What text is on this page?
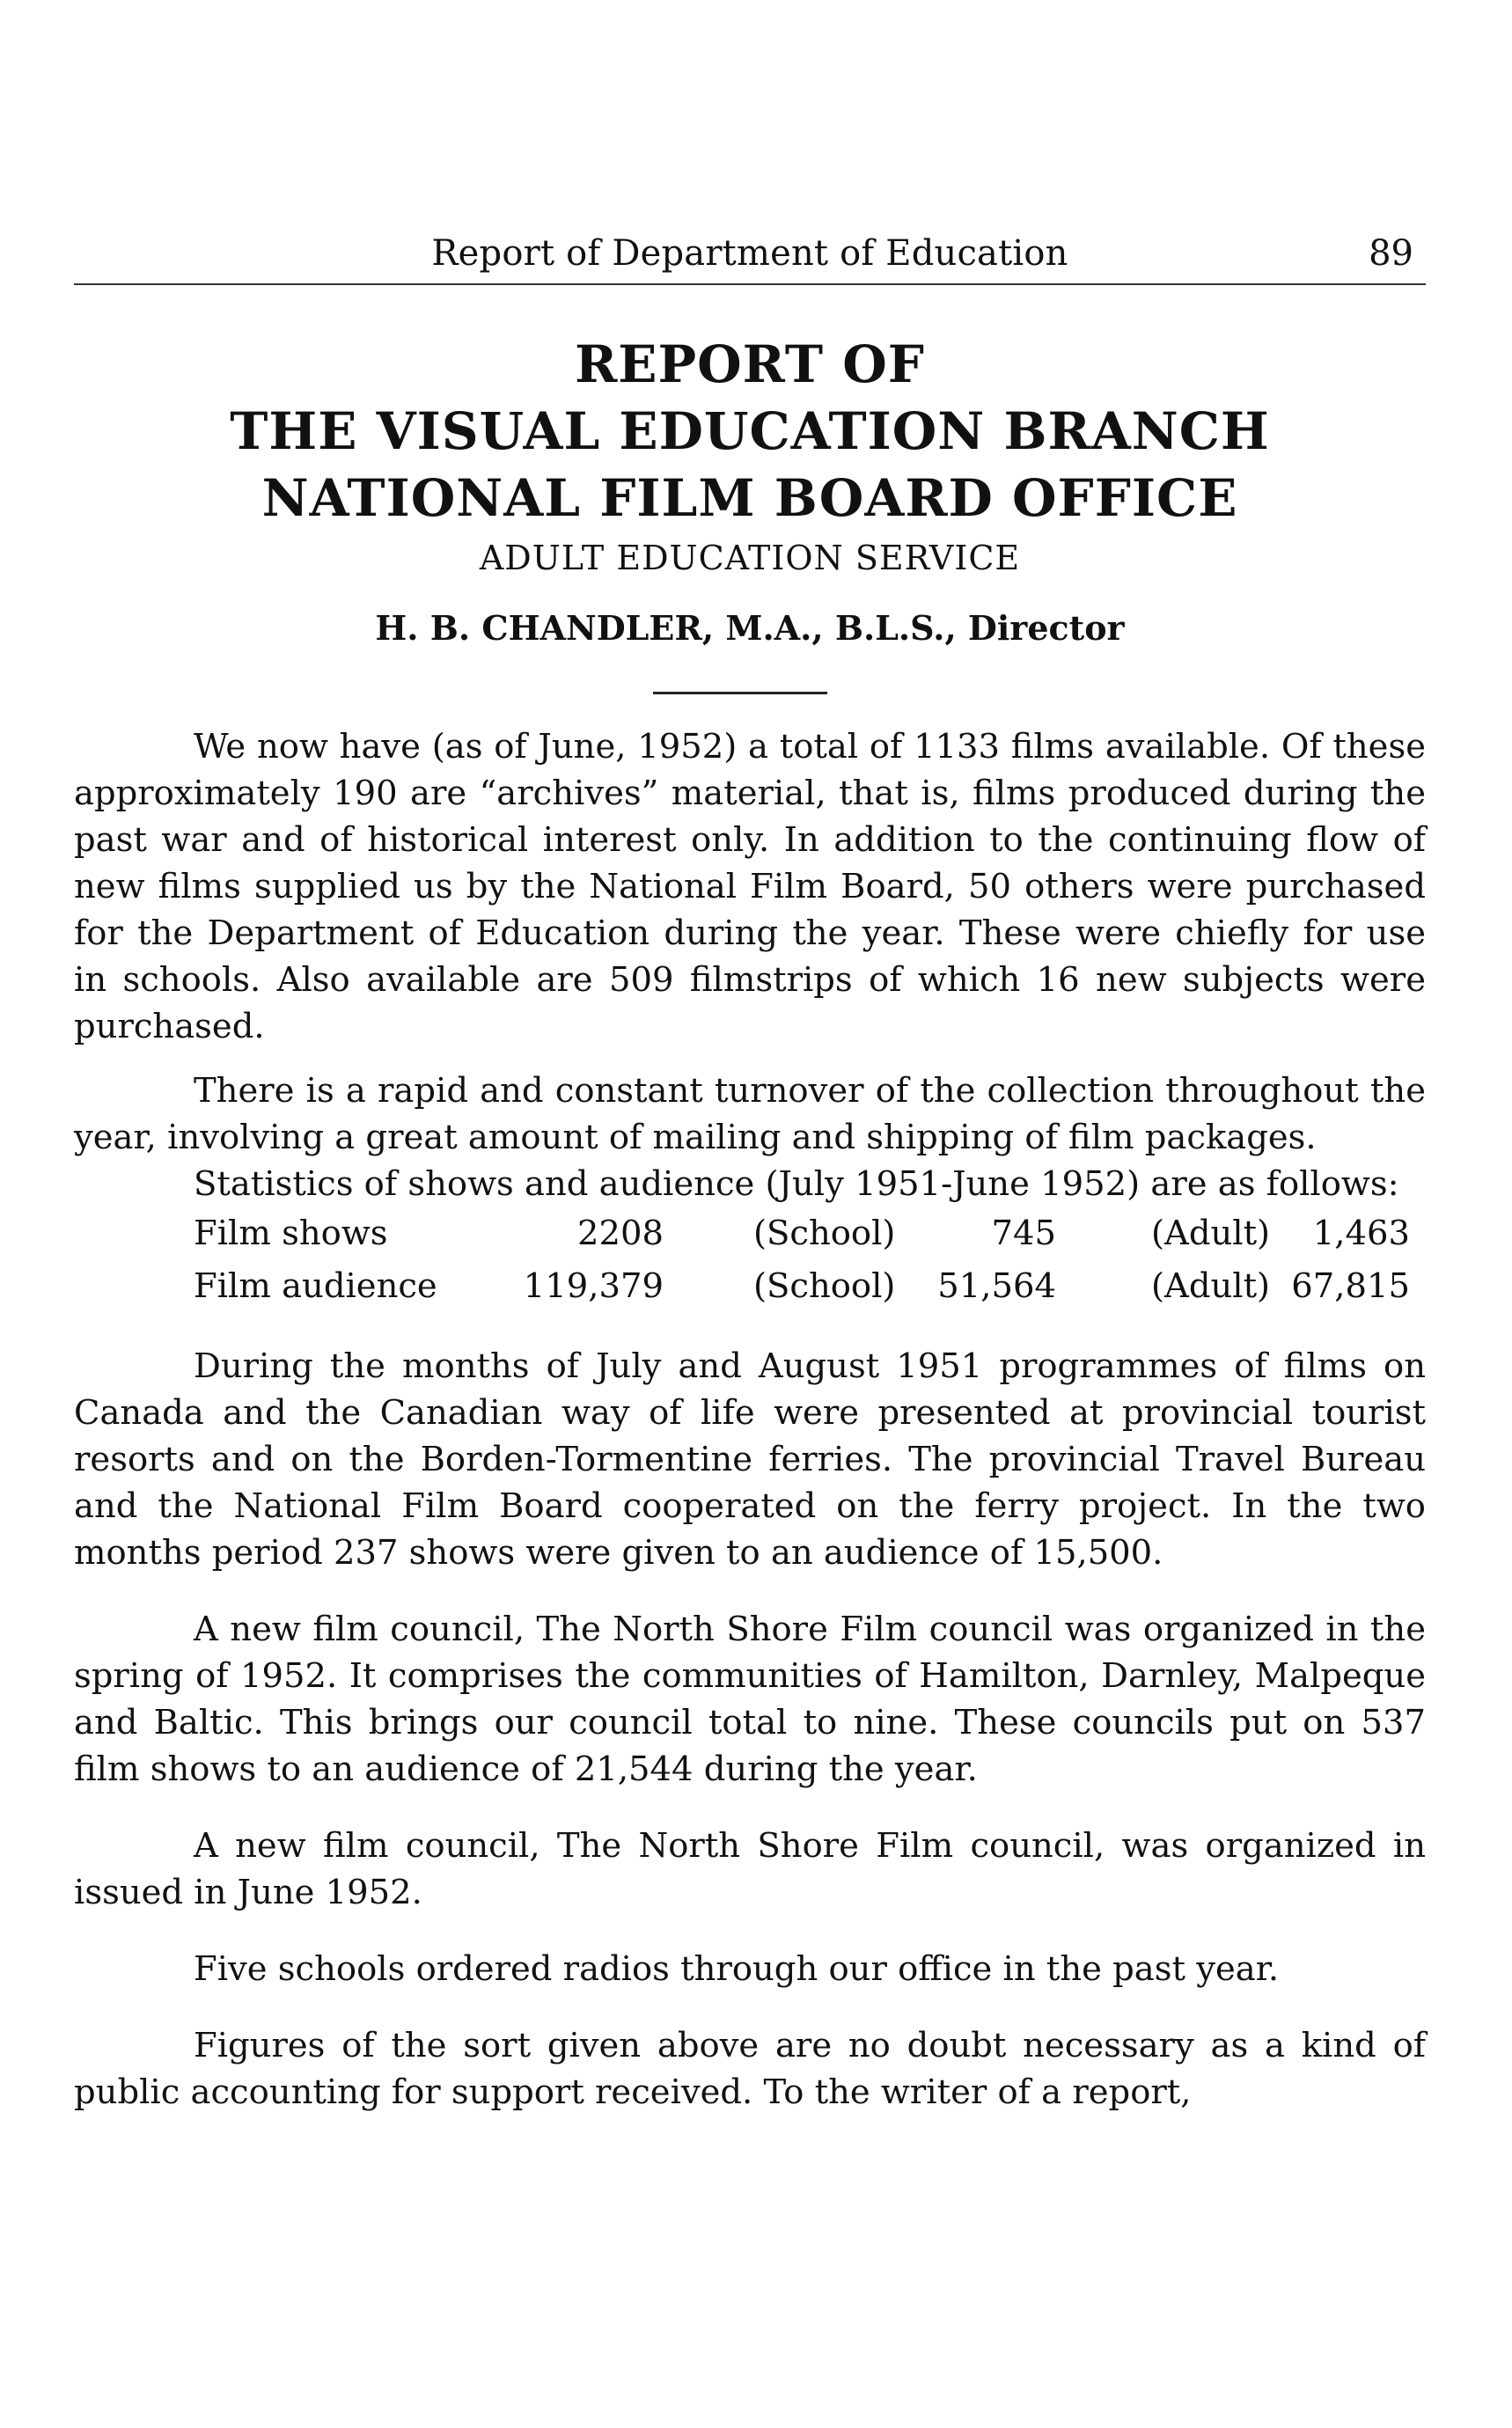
Report of Department of Education	89
REPORT OF
THE VISUAL EDUCATION BRANCH
NATIONAL FILM BOARD OFFICE
ADULT EDUCATION SERVICE
H. B. CHANDLER, M.A., B.L.S., Director

We now have (as of June, 1952) a total of 1133 films available. Of these approximately 190 are “archives” material, that is, films produced during the past war and of historical interest only. In addition to the continuing flow of new films supplied us by the National Film Board, 50 others were purchased for the Department of Education during the year. These were chiefly for use in schools. Also available are 509 filmstrips of which 16 new subjects were purchased.

There is a rapid and constant turnover of the collection throughout the year, involving a great amount of mailing and shipping of film packages.

Statistics of shows and audience (July 1951-June 1952) are as follows:

Film shows	2208	(School)	745	(Adult) 1,463
Film audience	119,379	(School) 51,564	(Adult) 67,815

During the months of July and August 1951 programmes of films on Canada and the Canadian way of life were presented at provincial tourist resorts and on the Borden-Tormentine ferries. The provincial Travel Bureau and the National Film Board cooperated on the ferry project. In the two months period 237 shows were given to an audience of 15,500.

A new film council, The North Shore Film council was organized in the spring of 1952. It comprises the communities of Hamilton, Darnley, Malpeque and Baltic. This brings our council total to nine. These councils put on 537 film shows to an audience of 21,544 during the year.

A new film council, The North Shore Film council, was organized in issued in June 1952.

Five schools ordered radios through our office in the past year.

Figures of the sort given above are no doubt necessary as a kind of public accounting for support received. To the writer of a report,
